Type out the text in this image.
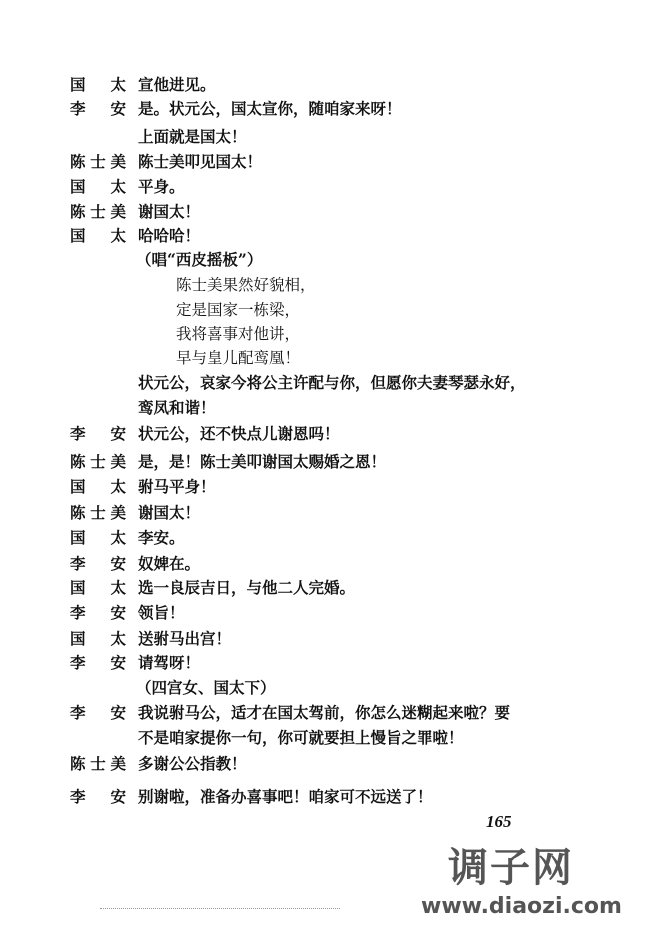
国太 宣他进见。
李安 是。状元公，国太宣你，随咱家来呀！
上面就是国太！
陈士美 陈士美叩见国太！
国太 平身。
陈士美 谢国太！
国太 哈哈哈！
（唱“西皮摇板”）
陈士美果然好貌相，
定是国家一栋梁，
我将喜事对他讲，
早与皇儿配鸾凰！
状元公，哀家今将公主许配与你，但愿你夫妻琴瑟永好，
鸾凤和谐！
李安 状元公，还不快点儿谢恩吗！
陈士美 是，是！陈士美叩谢国太赐婚之恩！
国太 驸马平身！
陈士美 谢国太！
国太 李安。
李安 奴婢在。
国太 选一良辰吉日，与他二人完婚。
李安 领旨！
国太 送驸马出宫！
李安 请驾呀！
（四宫女、国太下）
李安 我说驸马公，适才在国太驾前，你怎么迷糊起来啦？要
不是咱家提你一句，你可就要担上慢旨之罪啦！
陈士美 多谢公公指教！
李安 别谢啦，准备办喜事吧！咱家可不远送了！
165
调子网
www.diaozi.com
